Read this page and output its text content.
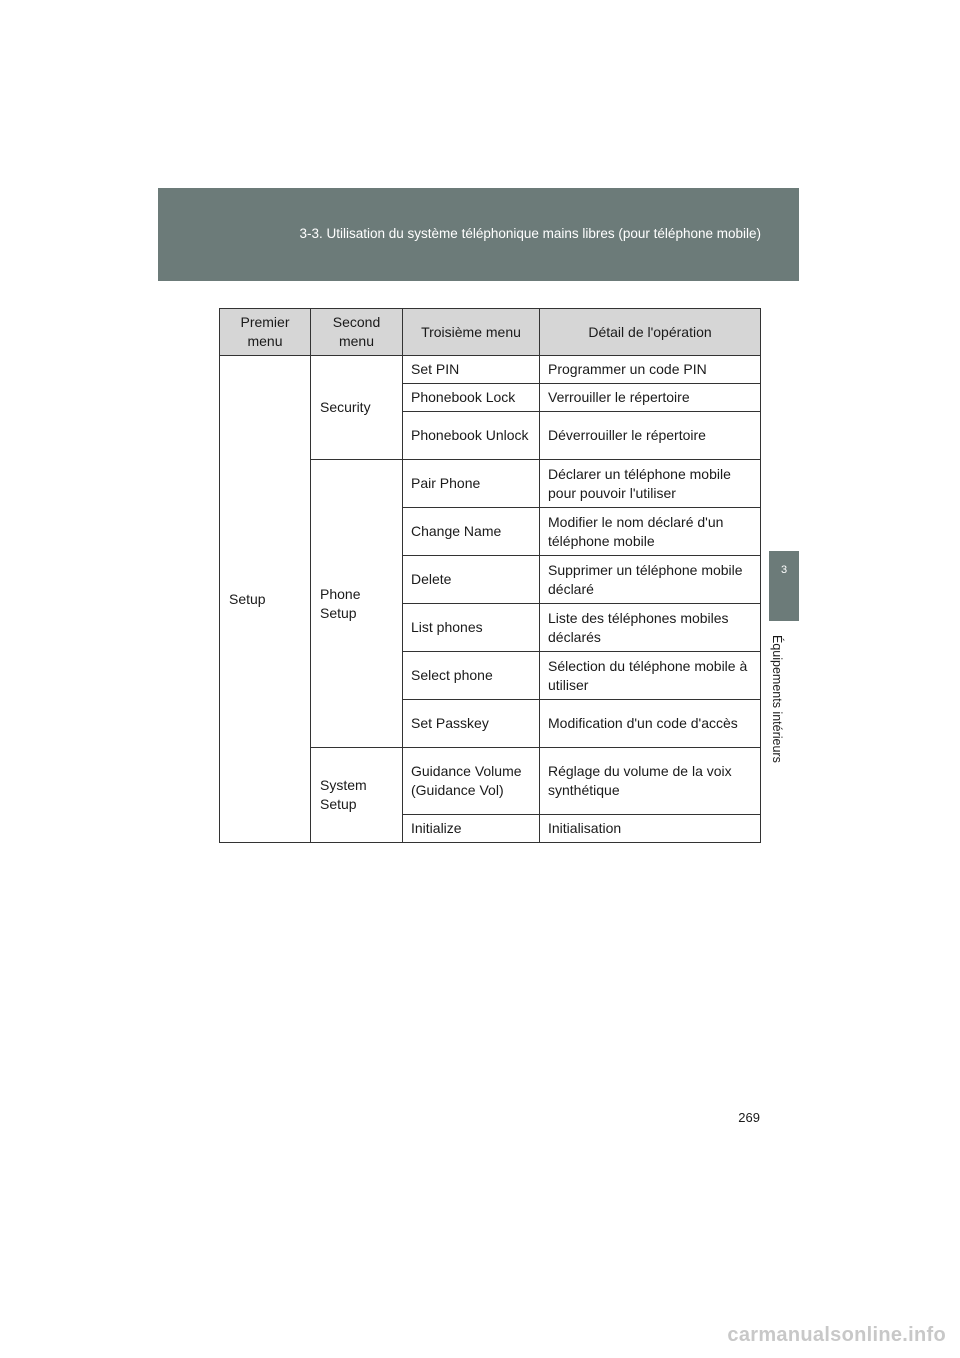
3-3. Utilisation du système téléphonique mains libres (pour téléphone mobile)
3
Équipements intérieurs
Premier menu	Second menu	Troisième menu	Détail de l'opération
Setup	Security	Set PIN	Programmer un code PIN
		Phonebook Lock	Verrouiller le répertoire
		Phonebook Unlock	Déverrouiller le répertoire
	Phone Setup	Pair Phone	Déclarer un téléphone mobile pour pouvoir l'utiliser
		Change Name	Modifier le nom déclaré d'un téléphone mobile
		Delete	Supprimer un téléphone mobile déclaré
		List phones	Liste des téléphones mobiles déclarés
		Select phone	Sélection du téléphone mobile à utiliser
		Set Passkey	Modification d'un code d'accès
	System Setup	Guidance Volume (Guidance Vol)	Réglage du volume de la voix synthétique
		Initialize	Initialisation
269
carmanualsonline.info
